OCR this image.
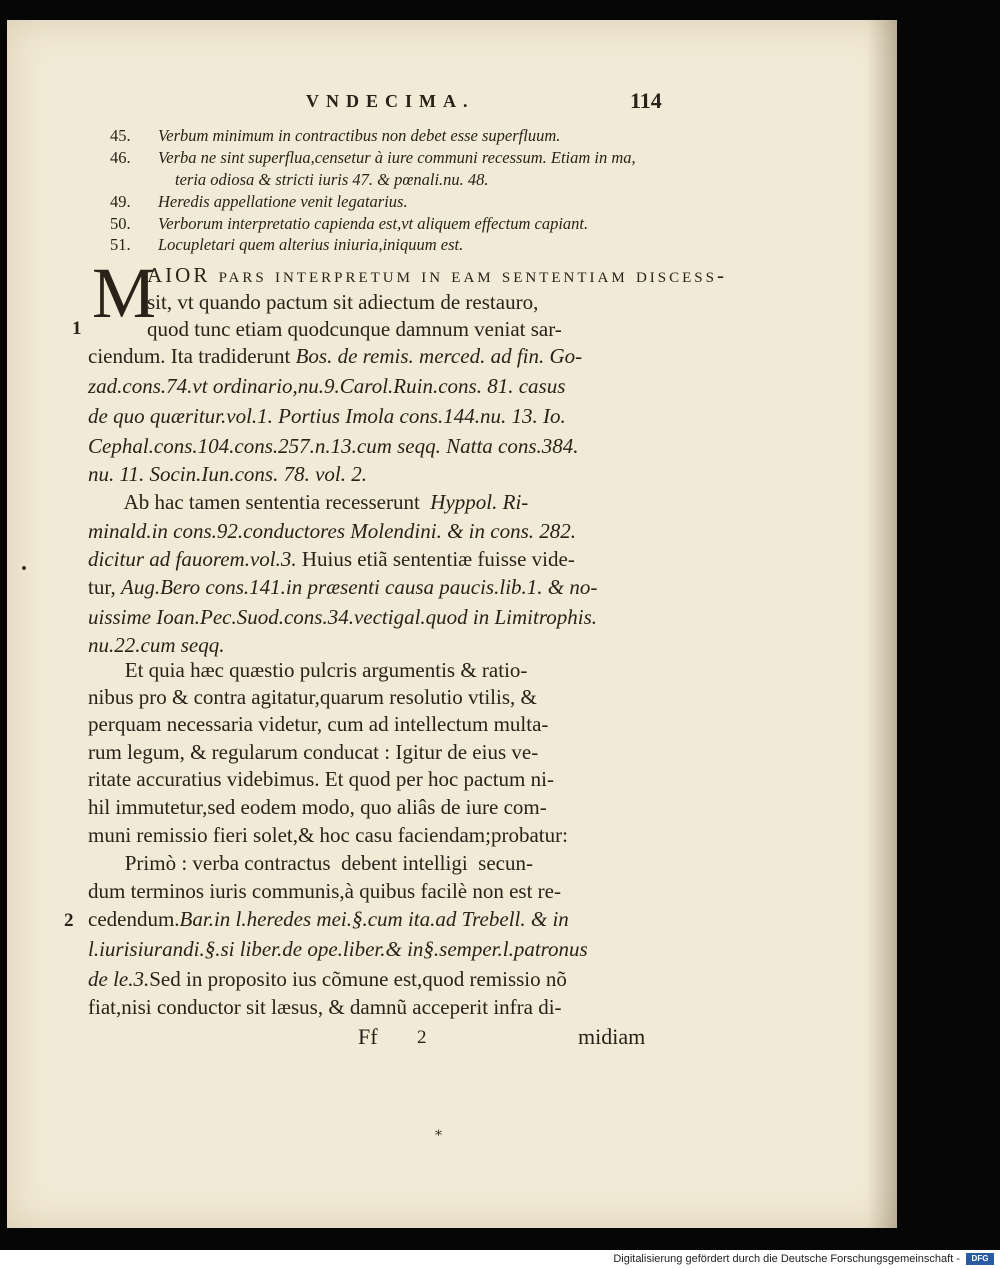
VNDECIMA.	114
45. Verbum minimum in contractibus non debet esse superfluum.
46. Verba ne sint superflua,censetur à iure communi recessum. Etiam in ma,
teria odiosa & stricti iuris 47. & pœnali.nu. 48.
49. Heredis appellatione venit legatarius.
50. Verborum interpretatio capienda est,vt aliquem effectum capiant.
51. Locupletari quem alterius iniuria,iniquum est.
M
1
2
AIOR pars interpretum in eam sententiam discess-
sit, vt quando pactum sit adiectum de restauro,
quod tunc etiam quodcunque damnum veniat sar-
ciendum. Ita tradiderunt Bos. de remis. merced. ad fin. Go-
zad.cons.74.vt ordinario,nu.9.Carol.Ruin.cons. 81. casus
de quo quæritur.vol.1. Portius Imola cons.144.nu. 13. Io.
Cephal.cons.104.cons.257.n.13.cum seqq. Natta cons.384.
nu. 11. Socin.Iun.cons. 78. vol. 2.
Ab hac tamen sententia recesserunt  Hyppol. Ri-
minald.in cons.92.conductores Molendini. & in cons. 282.
dicitur ad fauorem.vol.3. Huius etiã sententiæ fuisse vide-
tur, Aug.Bero cons.141.in præsenti causa paucis.lib.1. & no-
uissime Ioan.Pec.Suod.cons.34.vectigal.quod in Limitrophis.
nu.22.cum seqq.
Et quia hæc quæstio pulcris argumentis & ratio-
nibus pro & contra agitatur,quarum resolutio vtilis, &
perquam necessaria videtur, cum ad intellectum multa-
rum legum, & regularum conducat : Igitur de eius ve-
ritate accuratius videbimus. Et quod per hoc pactum ni-
hil immutetur,sed eodem modo, quo aliâs de iure com-
muni remissio fieri solet,& hoc casu faciendam;probatur:
Primò : verba contractus  debent intelligi  secun-
dum terminos iuris communis,à quibus facilè non est re-
cedendum.Bar.in l.heredes mei.§.cum ita.ad Trebell. & in
l.iurisiurandi.§.si liber.de ope.liber.& in§.semper.l.patronus
de le.3.Sed in proposito ius cõmune est,quod remissio nõ
fiat,nisi conductor sit læsus, & damnũ acceperit infra di-
Ff 2	midiam
*
Digitalisierung gefördert durch die Deutsche Forschungsgemeinschaft -	DFG
